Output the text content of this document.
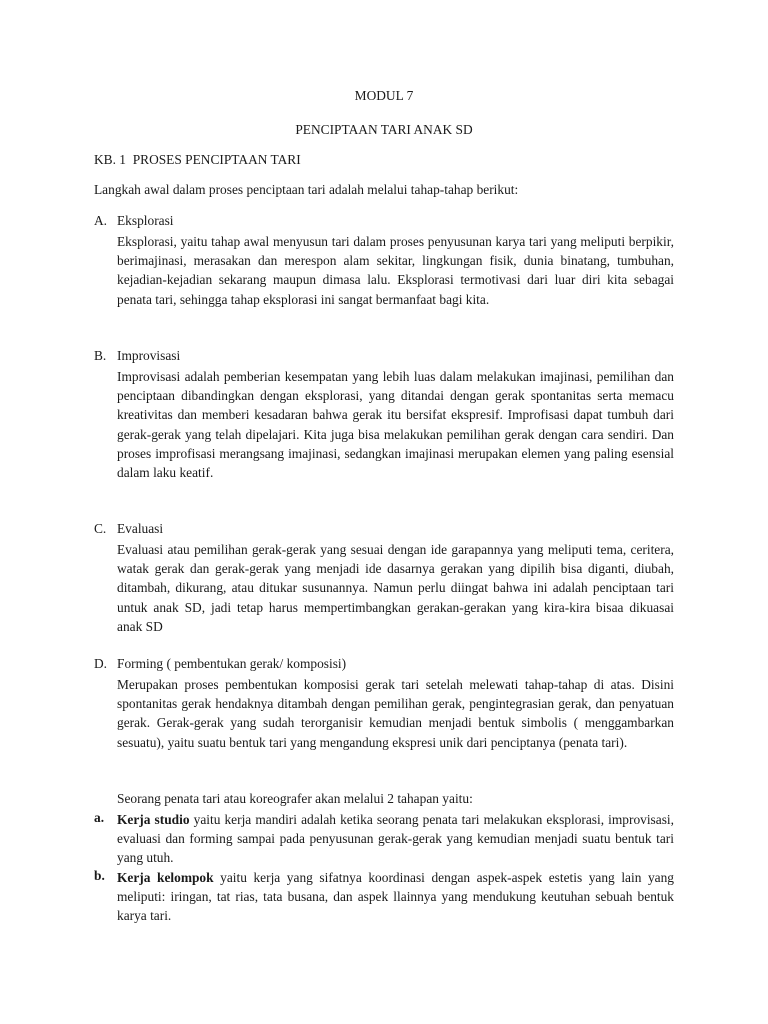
MODUL 7
PENCIPTAAN TARI ANAK SD
KB. 1  PROSES PENCIPTAAN TARI
Langkah awal dalam proses penciptaan tari adalah melalui tahap-tahap berikut:
A. Eksplorasi
Eksplorasi, yaitu tahap awal menyusun tari dalam proses penyusunan karya tari yang meliputi berpikir, berimajinasi, merasakan dan merespon alam sekitar, lingkungan fisik, dunia binatang, tumbuhan, kejadian-kejadian sekarang maupun dimasa lalu. Eksplorasi termotivasi dari luar diri kita sebagai penata tari, sehingga tahap eksplorasi ini sangat bermanfaat bagi kita.
B. Improvisasi
Improvisasi adalah pemberian kesempatan yang lebih luas dalam melakukan imajinasi, pemilihan dan penciptaan dibandingkan dengan eksplorasi, yang ditandai dengan gerak spontanitas serta memacu kreativitas dan memberi kesadaran bahwa gerak itu bersifat ekspresif. Improfisasi dapat tumbuh dari gerak-gerak yang telah dipelajari. Kita juga bisa melakukan pemilihan gerak dengan cara sendiri. Dan proses improfisasi merangsang imajinasi, sedangkan imajinasi merupakan elemen yang paling esensial dalam laku keatif.
C. Evaluasi
Evaluasi atau pemilihan gerak-gerak yang sesuai dengan ide garapannya yang meliputi tema, ceritera, watak gerak dan gerak-gerak yang menjadi ide dasarnya gerakan yang dipilih bisa diganti, diubah, ditambah, dikurang, atau ditukar susunannya. Namun perlu diingat bahwa ini adalah penciptaan tari untuk anak SD, jadi tetap harus mempertimbangkan gerakan-gerakan yang kira-kira bisaa dikuasai anak SD
D. Forming ( pembentukan gerak/ komposisi)
Merupakan proses pembentukan komposisi gerak tari setelah melewati tahap-tahap di atas. Disini spontanitas gerak hendaknya ditambah dengan pemilihan gerak, pengintegrasian gerak, dan penyatuan gerak. Gerak-gerak yang sudah terorganisir kemudian menjadi bentuk simbolis ( menggambarkan sesuatu), yaitu suatu bentuk tari yang mengandung ekspresi unik dari penciptanya (penata tari).
Seorang penata tari atau koreografer akan melalui 2 tahapan yaitu:
a. Kerja studio yaitu kerja mandiri adalah ketika seorang penata tari melakukan eksplorasi, improvisasi, evaluasi dan forming sampai pada penyusunan gerak-gerak yang kemudian menjadi suatu bentuk tari yang utuh.
b. Kerja kelompok yaitu kerja yang sifatnya koordinasi dengan aspek-aspek estetis yang lain yang meliputi: iringan, tat rias, tata busana, dan aspek llainnya yang mendukung keutuhan sebuah bentuk karya tari.
